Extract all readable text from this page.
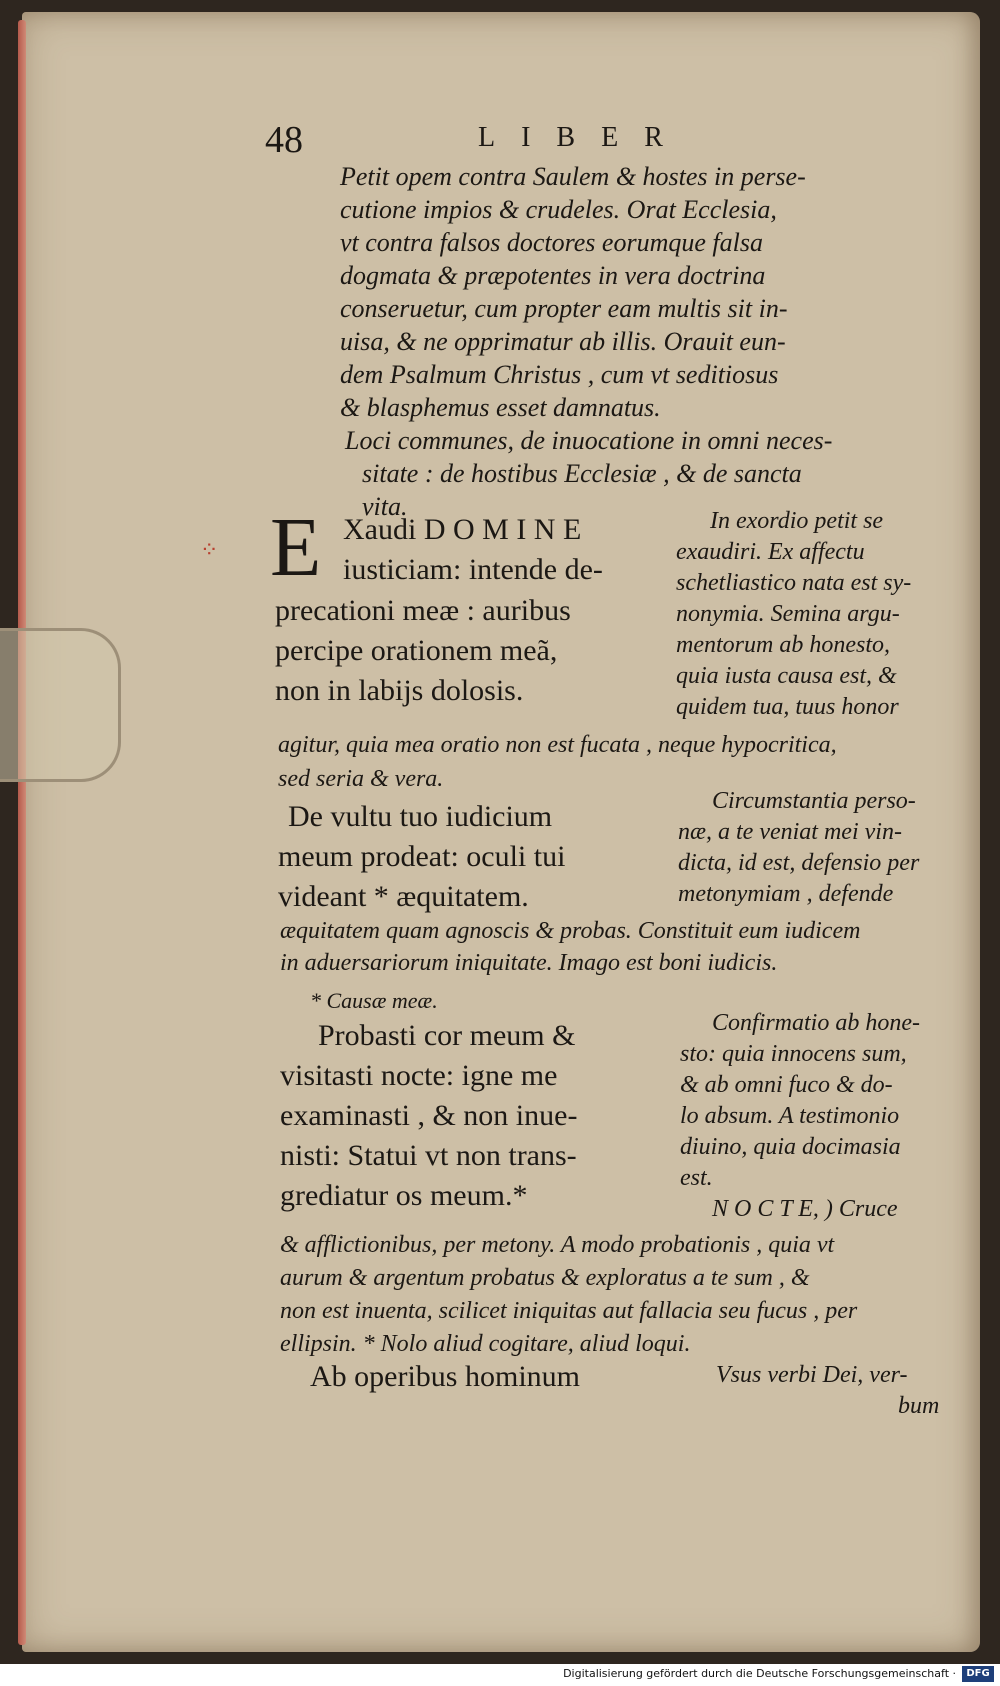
⁘
48	LIBER
Petit opem contra Saulem & hostes in perse-
cutione impios & crudeles. Orat Ecclesia,
vt contra falsos doctores eorumque falsa
dogmata & præpotentes in vera doctrina
conseruetur, cum propter eam multis sit in-
uisa, & ne opprimatur ab illis. Orauit eun-
dem Psalmum Christus , cum vt seditiosus
& blasphemus esset damnatus.
Loci communes, de inuocatione in omni neces-
sitate : de hostibus Ecclesiæ , & de sancta
vita.
E Xaudi D O M I N E
iusticiam: intende de-
precationi meæ : auribus
percipe orationem meã,
non in labijs dolosis.
In exordio petit se
exaudiri. Ex affectu
schetliastico nata est sy-
nonymia. Semina argu-
mentorum ab honesto,
quia iusta causa est, &
quidem tua, tuus honor
agitur, quia mea oratio non est fucata , neque hypocritica,
sed seria & vera.
De vultu tuo iudicium
meum prodeat: oculi tui
videant * æquitatem.
Circumstantia perso-
næ, a te veniat mei vin-
dicta, id est, defensio per
metonymiam , defende
æquitatem quam agnoscis & probas. Constituit eum iudicem
in aduersariorum iniquitate. Imago est boni iudicis.
* Causæ meæ.
Probasti cor meum &
visitasti nocte: igne me
examinasti , & non inue-
nisti: Statui vt non trans-
grediatur os meum.*
Confirmatio ab hone-
sto: quia innocens sum,
& ab omni fuco & do-
lo absum. A testimonio
diuino, quia docimasia
est.
N O C T E, ) Cruce
& afflictionibus, per metony. A modo probationis , quia vt
aurum & argentum probatus & exploratus a te sum , &
non est inuenta, scilicet iniquitas aut fallacia seu fucus , per
ellipsin. * Nolo aliud cogitare, aliud loqui.
Ab operibus hominum	Vsus verbi Dei, ver-
bum
Digitalisierung gefördert durch die Deutsche Forschungsgemeinschaft ·	DFG
